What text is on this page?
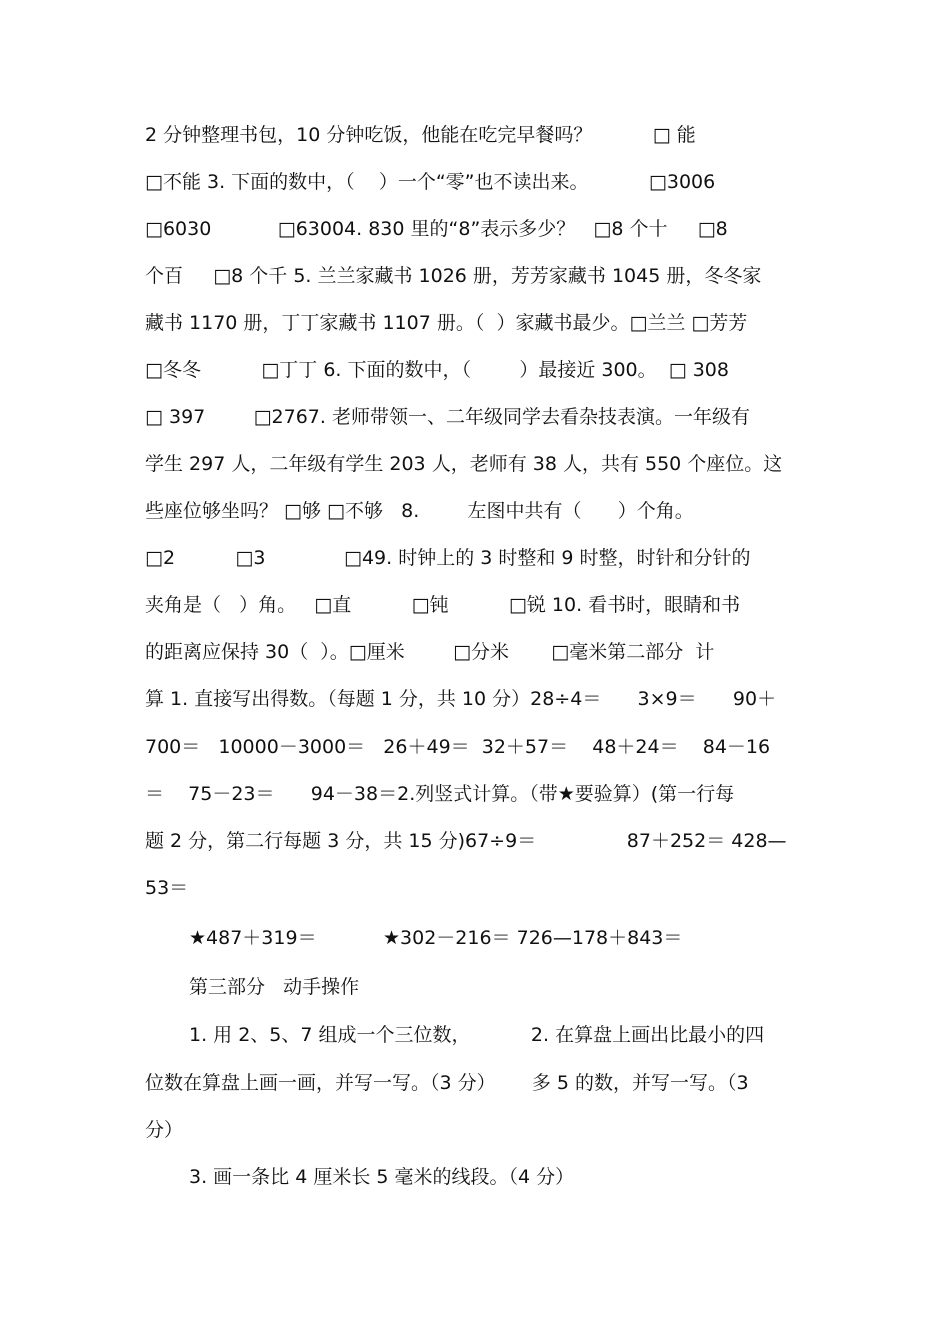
2 分钟整理书包，10 分钟吃饭，他能在吃完早餐吗？          □ 能
□不能 3. 下面的数中，（    ）一个“零”也不读出来。          □3006
□6030           □63004. 830 里的“8”表示多少？   □8 个十     □8
个百     □8 个千 5. 兰兰家藏书 1026 册，芳芳家藏书 1045 册，冬冬家
藏书 1170 册，丁丁家藏书 1107 册。（  ）家藏书最少。□兰兰 □芳芳
□冬冬          □丁丁 6. 下面的数中，（        ）最接近 300。  □ 308
□ 397        □2767. 老师带领一、二年级同学去看杂技表演。一年级有
学生 297 人，二年级有学生 203 人，老师有 38 人，共有 550 个座位。这
些座位够坐吗？ □够 □不够   8.        左图中共有（      ）个角。
□2          □3             □49. 时钟上的 3 时整和 9 时整，时针和分针的
夹角是（   ）角。   □直          □钝          □锐 10. 看书时，眼睛和书
的距离应保持 30（  ）。□厘米        □分米       □毫米第二部分  计
算 1. 直接写出得数。（每题 1 分，共 10 分）28÷4＝      3×9＝      90＋
700＝   10000－3000＝   26＋49＝  32＋57＝    48＋24＝    84－16
＝    75－23＝      94－38＝2.列竖式计算。（带★要验算）(第一行每
题 2 分，第二行每题 3 分，共 15 分)67÷9＝               87＋252＝ 428—
53＝
★487＋319＝           ★302－216＝ 726—178＋843＝
第三部分   动手操作
1. 用 2、5、7 组成一个三位数，          2. 在算盘上画出比最小的四
位数在算盘上画一画，并写一写。（3 分）      多 5 的数，并写一写。（3
分）
3. 画一条比 4 厘米长 5 毫米的线段。（4 分）
